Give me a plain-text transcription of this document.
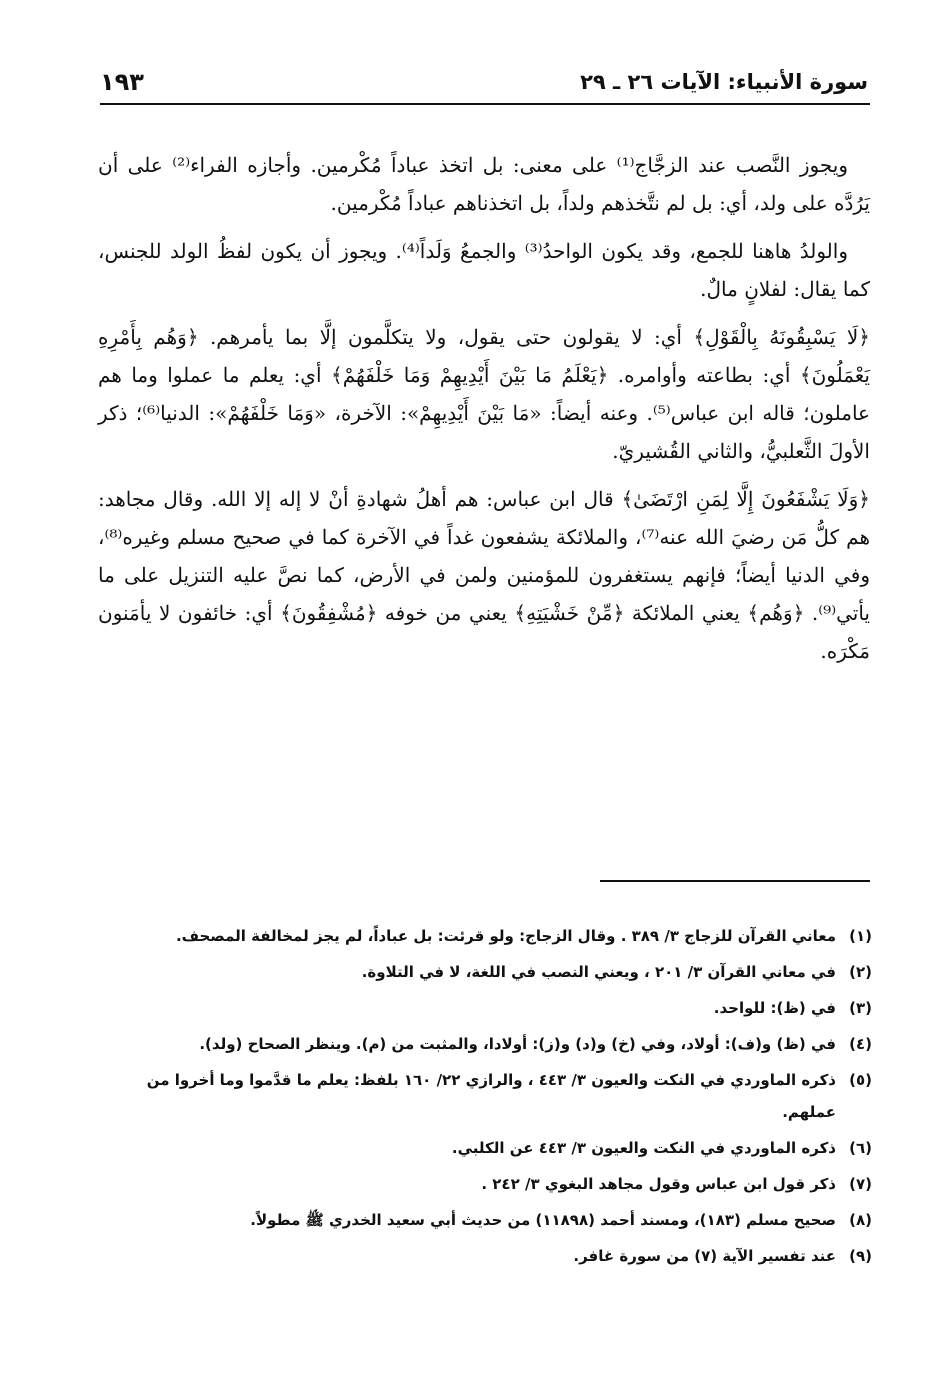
سورة الأنبياء: الآيات ٢٦ ـ ٢٩
١٩٣

ويجوز النَّصب عند الزجَّاج⁽¹⁾ على معنى: بل اتخذ عباداً مُكْرمين. وأجازه الفراء⁽²⁾ على أن يَرُدَّه على ولد، أي: بل لم نتَّخذهم ولداً، بل اتخذناهم عباداً مُكْرمين.

والولدُ هاهنا للجمع، وقد يكون الواحدُ⁽³⁾ والجمعُ وَلَداً⁽⁴⁾. ويجوز أن يكون لفظُ الولد للجنس، كما يقال: لفلانٍ مالٌ.

﴿لَا يَسْبِقُونَهُ بِالْقَوْلِ﴾ أي: لا يقولون حتى يقول، ولا يتكلَّمون إلَّا بما يأمرهم. ﴿وَهُم بِأَمْرِهِ يَعْمَلُونَ﴾ أي: بطاعته وأوامره. ﴿يَعْلَمُ مَا بَيْنَ أَيْدِيهِمْ وَمَا خَلْفَهُمْ﴾ أي: يعلم ما عملوا وما هم عاملون؛ قاله ابن عباس⁽⁵⁾. وعنه أيضاً: «مَا بَيْنَ أَيْدِيهِمْ»: الآخرة، «وَمَا خَلْفَهُمْ»: الدنيا⁽⁶⁾؛ ذكر الأولَ الثَّعلبيُّ، والثاني القُشيريّ.

﴿وَلَا يَشْفَعُونَ إِلَّا لِمَنِ ارْتَضَىٰ﴾ قال ابن عباس: هم أهلُ شهادةِ أنْ لا إله إلا الله. وقال مجاهد: هم كلُّ مَن رضيَ الله عنه⁽⁷⁾، والملائكة يشفعون غداً في الآخرة كما في صحيح مسلم وغيره⁽⁸⁾، وفي الدنيا أيضاً؛ فإنهم يستغفرون للمؤمنين ولمن في الأرض، كما نصَّ عليه التنزيل على ما يأتي⁽⁹⁾. ﴿وَهُم﴾ يعني الملائكة ﴿مِّنْ خَشْيَتِهِ﴾ يعني من خوفه ﴿مُشْفِقُونَ﴾ أي: خائفون لا يأمَنون مَكْرَه.

(١)
معاني القرآن للزجاج ٣/ ٣٨٩ . وقال الزجاج: ولو قرئت: بل عباداً، لم يجز لمخالفة المصحف.
(٢)
في معاني القرآن ٣/ ٢٠١ ، ويعني النصب في اللغة، لا في التلاوة.
(٣)
في (ظ): للواحد.
(٤)
في (ظ) و(ف): أولاد، وفي (خ) و(د) و(ز): أولادا، والمثبت من (م). وينظر الصحاح (ولد).
(٥)
ذكره الماوردي في النكت والعيون ٣/ ٤٤٣ ، والرازي ٢٢/ ١٦٠ بلفظ: يعلم ما قدَّموا وما أخروا من عملهم.
(٦)
ذكره الماوردي في النكت والعيون ٣/ ٤٤٣ عن الكلبي.
(٧)
ذكر قول ابن عباس وقول مجاهد البغوي ٣/ ٢٤٢ .
(٨)
صحيح مسلم (١٨٣)، ومسند أحمد (١١٨٩٨) من حديث أبي سعيد الخدري ﷺ مطولاً.
(٩)
عند تفسير الآية (٧) من سورة غافر.
